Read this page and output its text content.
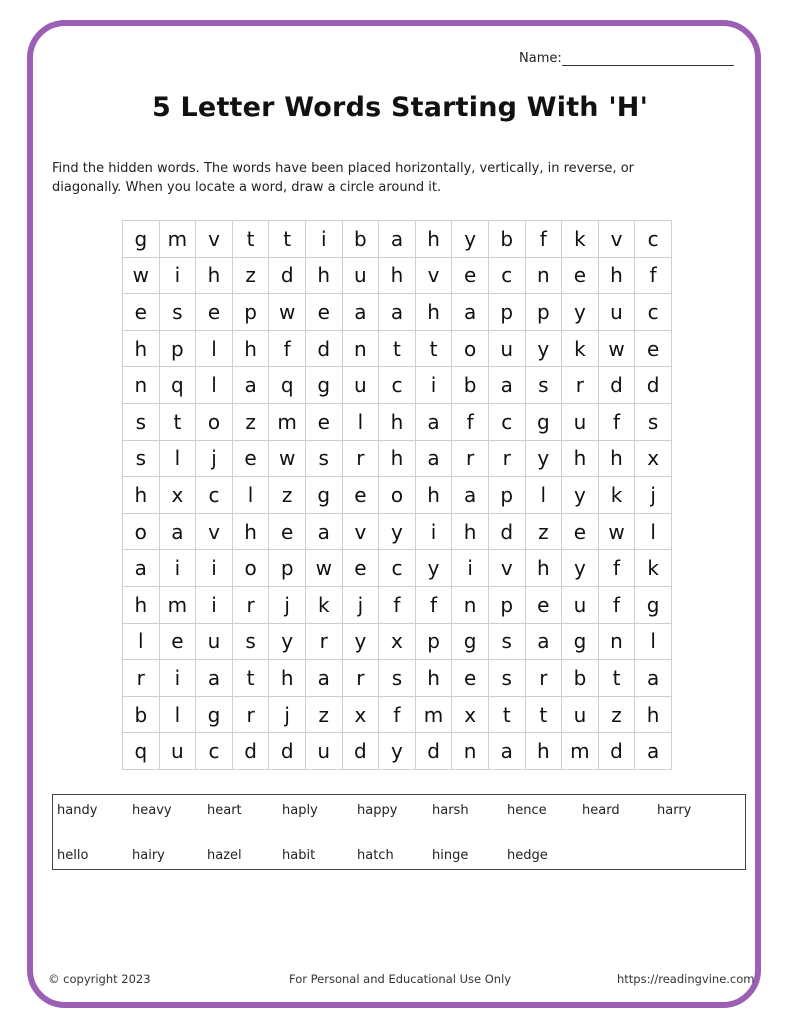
Name:
5 Letter Words Starting With 'H'
Find the hidden words. The words have been placed horizontally, vertically, in reverse, or diagonally. When you locate a word, draw a circle around it.
g	m	v	t	t	i	b	a	h	y	b	f	k	v	c
w	i	h	z	d	h	u	h	v	e	c	n	e	h	f
e	s	e	p	w	e	a	a	h	a	p	p	y	u	c
h	p	l	h	f	d	n	t	t	o	u	y	k	w	e
n	q	l	a	q	g	u	c	i	b	a	s	r	d	d
s	t	o	z	m	e	l	h	a	f	c	g	u	f	s
s	l	j	e	w	s	r	h	a	r	r	y	h	h	x
h	x	c	l	z	g	e	o	h	a	p	l	y	k	j
o	a	v	h	e	a	v	y	i	h	d	z	e	w	l
a	i	i	o	p	w	e	c	y	i	v	h	y	f	k
h	m	i	r	j	k	j	f	f	n	p	e	u	f	g
l	e	u	s	y	r	y	x	p	g	s	a	g	n	l
r	i	a	t	h	a	r	s	h	e	s	r	b	t	a
b	l	g	r	j	z	x	f	m	x	t	t	u	z	h
q	u	c	d	d	u	d	y	d	n	a	h	m	d	a
handy	heavy	heart	haply	happy	harsh	hence	heard	harry
hello	hairy	hazel	habit	hatch	hinge	hedge
© copyright 2023	For Personal and Educational Use Only	https://readingvine.com
